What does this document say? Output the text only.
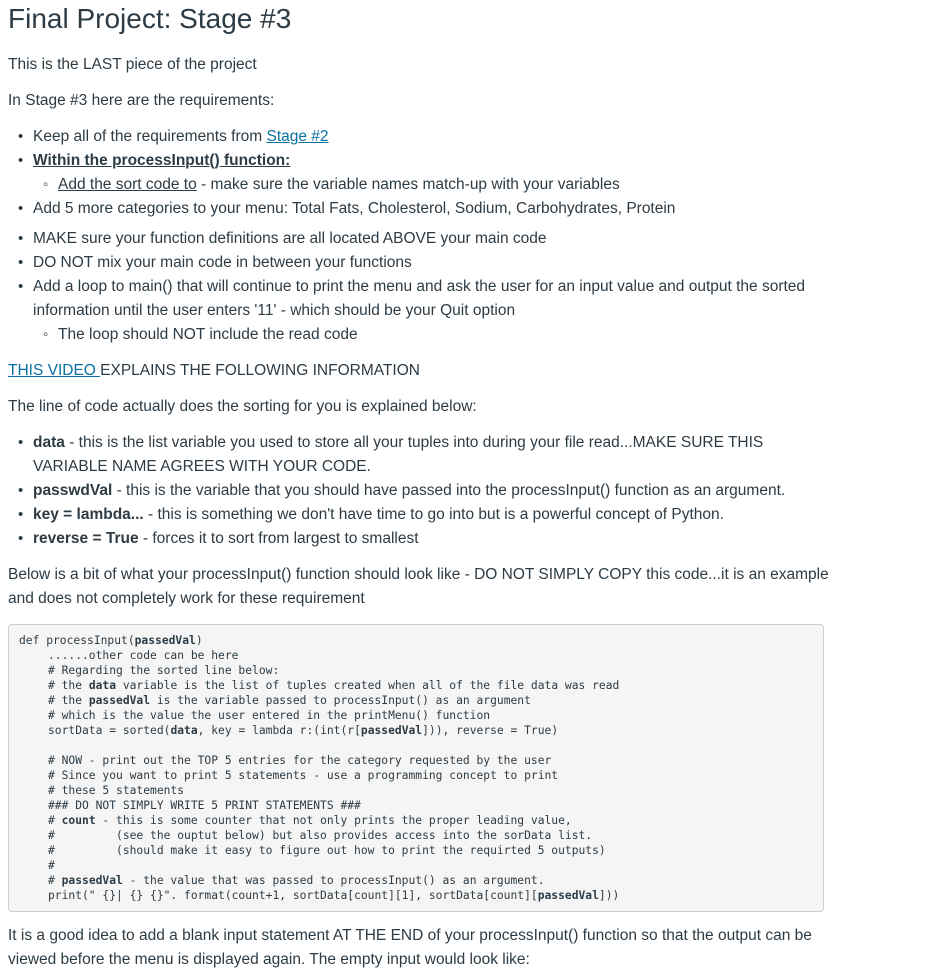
Final Project: Stage #3

This is the LAST piece of the project

In Stage #3 here are the requirements:

• Keep all of the requirements from Stage #2
• Within the processInput() function:
◦ Add the sort code to - make sure the variable names match-up with your variables
• Add 5 more categories to your menu: Total Fats, Cholesterol, Sodium, Carbohydrates, Protein
• MAKE sure your function definitions are all located ABOVE your main code
• DO NOT mix your main code in between your functions
• Add a loop to main() that will continue to print the menu and ask the user for an input value and output the sorted information until the user enters '11' - which should be your Quit option
◦ The loop should NOT include the read code

THIS VIDEO EXPLAINS THE FOLLOWING INFORMATION

The line of code actually does the sorting for you is explained below:

• data - this is the list variable you used to store all your tuples into during your file read...MAKE SURE THIS VARIABLE NAME AGREES WITH YOUR CODE.
• passwdVal - this is the variable that you should have passed into the processInput() function as an argument.
• key = lambda... - this is something we don't have time to go into but is a powerful concept of Python.
• reverse = True - forces it to sort from largest to smallest

Below is a bit of what your processInput() function should look like - DO NOT SIMPLY COPY this code...it is an example and does not completely work for these requirement

def processInput(passedVal)
......other code can be here
# Regarding the sorted line below:
# the data variable is the list of tuples created when all of the file data was read
# the passedVal is the variable passed to processInput() as an argument
# which is the value the user entered in the printMenu() function
sortData = sorted(data, key = lambda r:(int(r[passedVal])), reverse = True)
# NOW - print out the TOP 5 entries for the category requested by the user
# Since you want to print 5 statements - use a programming concept to print
# these 5 statements
### DO NOT SIMPLY WRITE 5 PRINT STATEMENTS ###
# count - this is some counter that not only prints the proper leading value,
#         (see the ouptut below) but also provides access into the sorData list.
#         (should make it easy to figure out how to print the requirted 5 outputs)
#
# passedVal - the value that was passed to processInput() as an argument.
print(" {}| {} {}". format(count+1, sortData[count][1], sortData[count][passedVal]))

It is a good idea to add a blank input statement AT THE END of your processInput() function so that the output can be viewed before the menu is displayed again. The empty input would look like:
